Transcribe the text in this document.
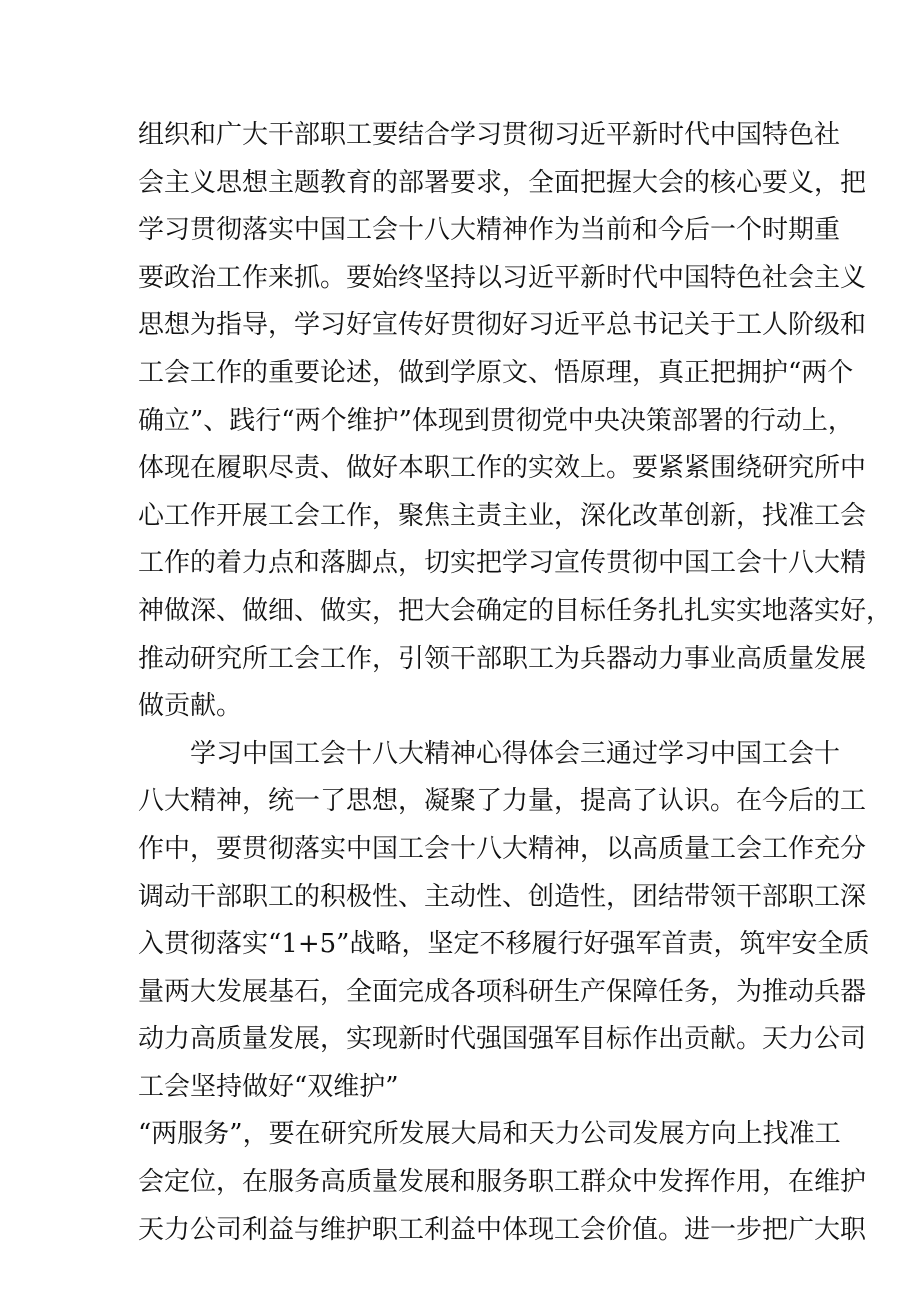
组织和广大干部职工要结合学习贯彻习近平新时代中国特色社
会主义思想主题教育的部署要求，全面把握大会的核心要义，把
学习贯彻落实中国工会十八大精神作为当前和今后一个时期重
要政治工作来抓。要始终坚持以习近平新时代中国特色社会主义
思想为指导，学习好宣传好贯彻好习近平总书记关于工人阶级和
工会工作的重要论述，做到学原文、悟原理，真正把拥护“两个
确立”、践行“两个维护”体现到贯彻党中央决策部署的行动上，
体现在履职尽责、做好本职工作的实效上。要紧紧围绕研究所中
心工作开展工会工作，聚焦主责主业，深化改革创新，找准工会
工作的着力点和落脚点，切实把学习宣传贯彻中国工会十八大精
神做深、做细、做实，把大会确定的目标任务扎扎实实地落实好，
推动研究所工会工作，引领干部职工为兵器动力事业高质量发展
做贡献。
学习中国工会十八大精神心得体会三通过学习中国工会十
八大精神，统一了思想，凝聚了力量，提高了认识。在今后的工
作中，要贯彻落实中国工会十八大精神，以高质量工会工作充分
调动干部职工的积极性、主动性、创造性，团结带领干部职工深
入贯彻落实“1+5”战略，坚定不移履行好强军首责，筑牢安全质
量两大发展基石，全面完成各项科研生产保障任务，为推动兵器
动力高质量发展，实现新时代强国强军目标作出贡献。天力公司
工会坚持做好“双维护”
“两服务”，要在研究所发展大局和天力公司发展方向上找准工
会定位，在服务高质量发展和服务职工群众中发挥作用，在维护
天力公司利益与维护职工利益中体现工会价值。进一步把广大职
